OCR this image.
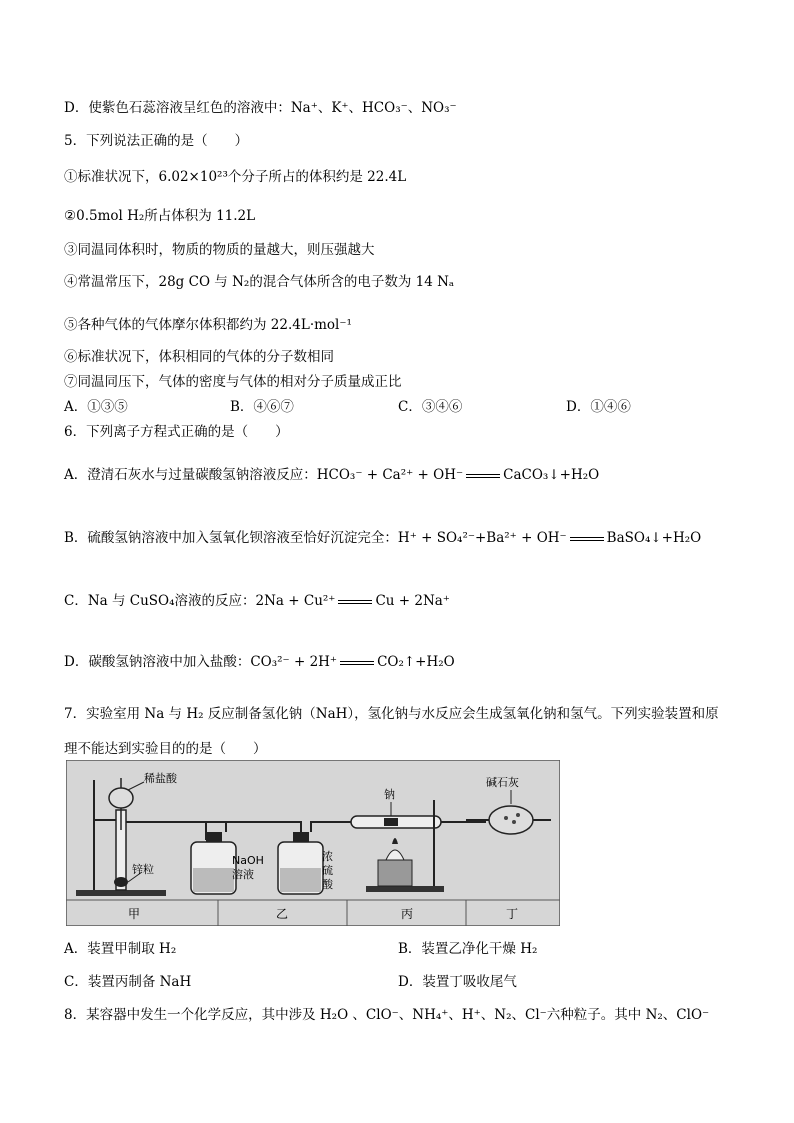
D．使紫色石蕊溶液呈红色的溶液中：Na⁺、K⁺、HCO₃⁻、NO₃⁻
5．下列说法正确的是（　　）
①标准状况下，6.02×10²³个分子所占的体积约是 22.4L
②0.5mol H₂所占体积为 11.2L
③同温同体积时，物质的物质的量越大，则压强越大
④常温常压下，28g CO 与 N₂的混合气体所含的电子数为 14 Nₐ
⑤各种气体的气体摩尔体积都约为 22.4L·mol⁻¹
⑥标准状况下，体积相同的气体的分子数相同
⑦同温同压下，气体的密度与气体的相对分子质量成正比
A．①③⑤	B．④⑥⑦	C．③④⑥	D．①④⑥
6．下列离子方程式正确的是（　　）
A．澄清石灰水与过量碳酸氢钠溶液反应：HCO₃⁻ + Ca²⁺ + OH⁻	CaCO₃↓+H₂O
B．硫酸氢钠溶液中加入氢氧化钡溶液至恰好沉淀完全：H⁺ + SO₄²⁻+Ba²⁺ + OH⁻	BaSO₄↓+H₂O
C．Na 与 CuSO₄溶液的反应：2Na + Cu²⁺	Cu + 2Na⁺
D．碳酸氢钠溶液中加入盐酸：CO₃²⁻ + 2H⁺	CO₂↑+H₂O
7．实验室用 Na 与 H₂ 反应制备氢化钠（NaH），氢化钠与水反应会生成氢氧化钠和氢气。下列实验装置和原
理不能达到实验目的的是（　　）
稀盐酸
锌粒
甲
NaOH
溶液
浓
硫
酸
乙
钠
丙
碱石灰
丁
A．装置甲制取 H₂	B．装置乙净化干燥 H₂
C．装置丙制备 NaH	D．装置丁吸收尾气
8．某容器中发生一个化学反应，其中涉及 H₂O 、ClO⁻、NH₄⁺、H⁺、N₂、Cl⁻六种粒子。其中 N₂、ClO⁻
